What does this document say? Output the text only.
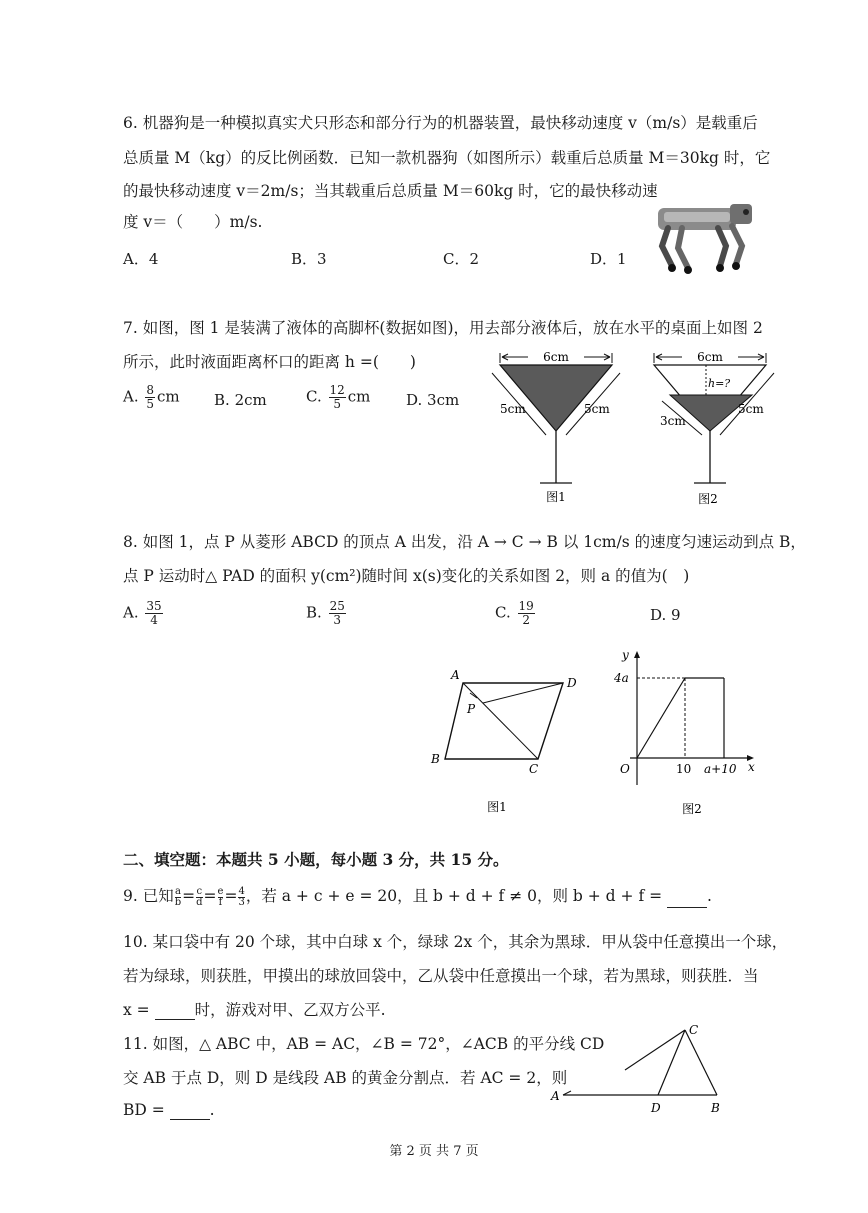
6. 机器狗是一种模拟真实犬只形态和部分行为的机器装置，最快移动速度 v（m/s）是载重后
总质量 M（kg）的反比例函数．已知一款机器狗（如图所示）载重后总质量 M＝30kg 时，它
的最快移动速度 v＝2m/s；当其载重后总质量 M＝60kg 时，它的最快移动速
度 v＝（　　）m/s.
A．4	B．3	C．2	D．1
7. 如图，图 1 是装满了液体的高脚杯(数据如图)，用去部分液体后，放在水平的桌面上如图 2
所示，此时液面距离杯口的距离 h =(　　)
A. $\frac{8}{5}$ cm B. 2cm	C. $\frac{12}{5}$ cm D. 3cm
6cm
5cm	5cm
图1
6cm
h=?
3cm
5cm
图2
8. 如图 1，点 P 从菱形 ABCD 的顶点 A 出发，沿 A → C → B 以 1cm/s 的速度匀速运动到点 B，
点 P 运动时△ PAD 的面积 y(cm²)随时间 x(s)变化的关系如图 2，则 a 的值为(　)
A. $\frac{35}{4}$	B. $\frac{25}{3}$	C. $\frac{19}{2}$	D. 9
A
D
B
C
P
图1
y
x
O
4a
10 a+10
图2
二、填空题：本题共 5 小题，每小题 3 分，共 15 分。
9. 已知 $\frac{a}{b}= \frac{c}{d}= \frac{e}{f}= \frac{4}{3}$，若 a + c + e = 20，且 b + d + f ≠ 0，则 b + d + f =	.
10. 某口袋中有 20 个球，其中白球 x 个，绿球 2x 个，其余为黑球．甲从袋中任意摸出一个球，
若为绿球，则获胜，甲摸出的球放回袋中，乙从袋中任意摸出一个球，若为黑球，则获胜．当
x =	时，游戏对甲、乙双方公平.
11. 如图，△ ABC 中，AB = AC，∠B = 72°，∠ACB 的平分线 CD
交 AB 于点 D，则 D 是线段 AB 的黄金分割点．若 AC = 2，则
BD =	.
C
A
D	B
第 2 页 共 7 页
